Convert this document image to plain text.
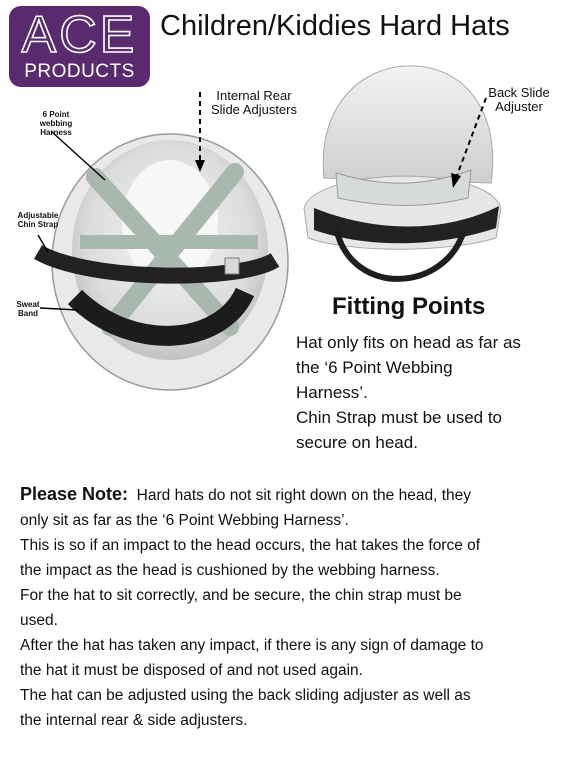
ACE
PRODUCTS
Children/Kiddies Hard Hats
6 Point webbing Harness
Internal Rear Slide Adjusters
Adjustable Chin Strap
Sweat Band
Back Slide Adjuster
Fitting Points
Hat only fits on head as far as
the ‘6 Point Webbing
Harness’.
Chin Strap must be used to
secure on head.

Please Note: Hard hats do not sit right down on the head, they

only sit as far as the ‘6 Point Webbing Harness’.

This is so if an impact to the head occurs, the hat takes the force of

the impact as the head is cushioned by the webbing harness.

For the hat to sit correctly, and be secure, the chin strap must be

used.

After the hat has taken any impact, if there is any sign of damage to

the hat it must be disposed of and not used again.

The hat can be adjusted using the back sliding adjuster as well as

the internal rear & side adjusters.
